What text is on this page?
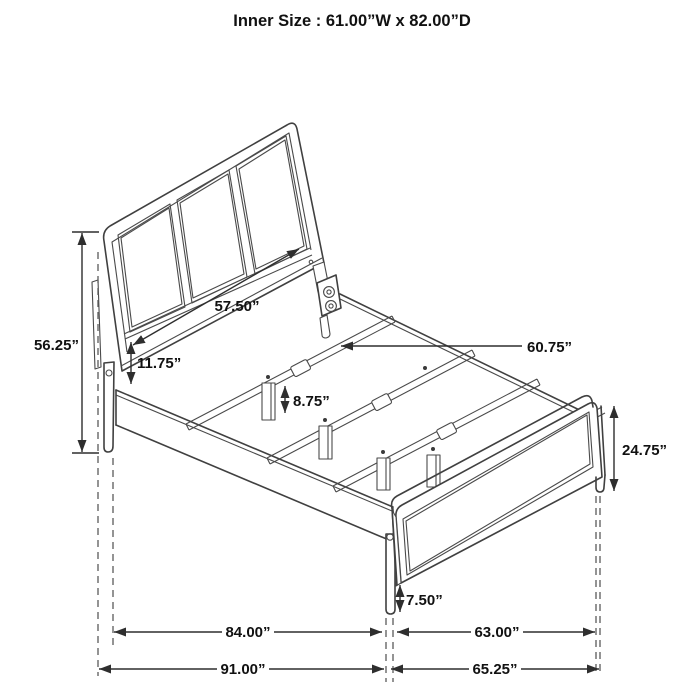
Inner Size : 61.00”W x 82.00”D
56.25”
11.75”
57.50”
60.75”
8.75”
24.75”
7.50”
84.00”	63.00”
91.00”	65.25”
